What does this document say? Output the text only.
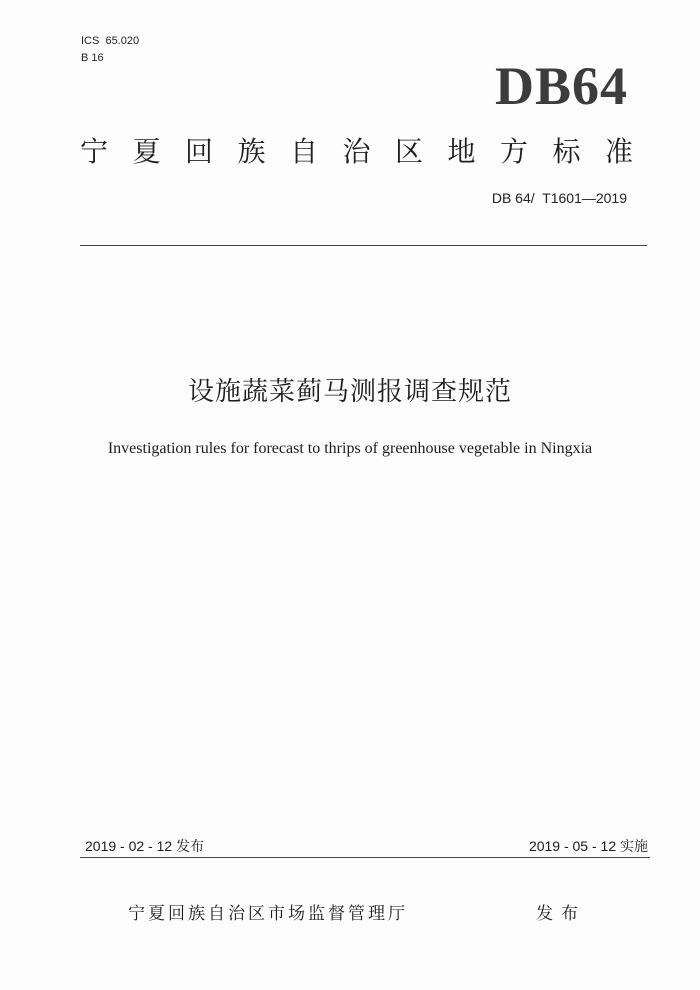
ICS  65.020
B 16	DB64
宁夏回族自治区地方标准
DB 64/  T1601—2019
设施蔬菜蓟马测报调查规范
Investigation rules for forecast to thrips of greenhouse vegetable in Ningxia
2019 - 02 - 12 发布	2019 - 05 - 12 实施
宁夏回族自治区市场监督管理厅	发布
